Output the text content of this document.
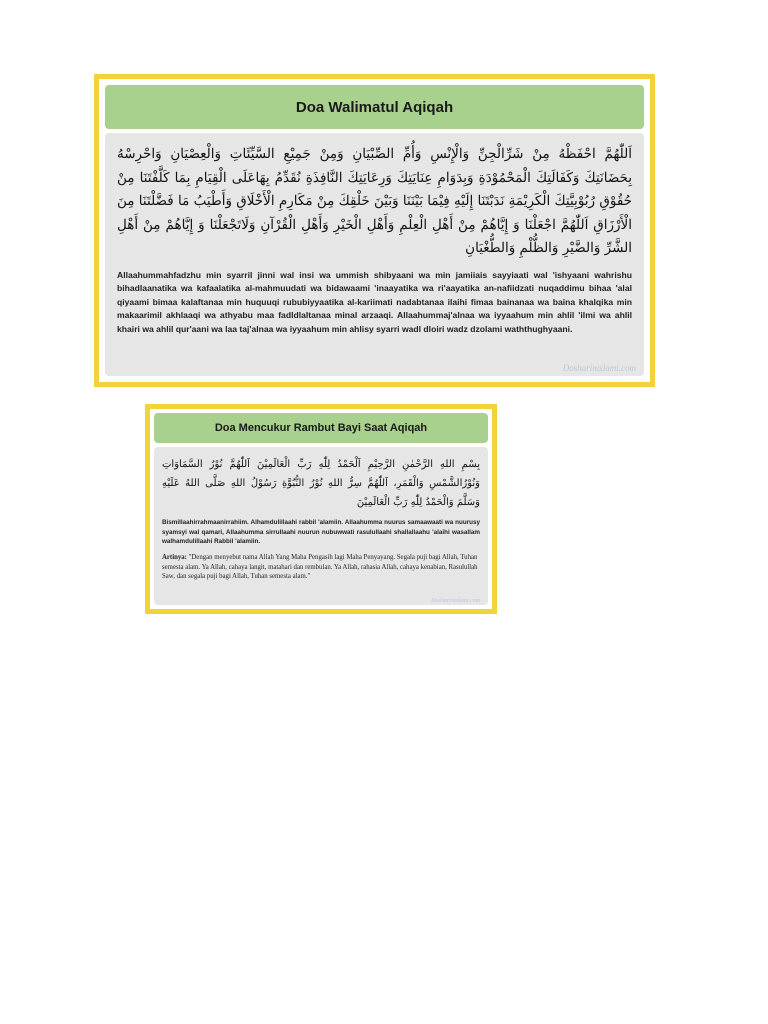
Doa Walimatul Aqiqah
اَللّٰهُمَّ احْفَظْهُ مِنْ شَرِّالْجِنِّ وَالْإِنْسِ وَأُمِّ الصِّبْيَانِ وَمِنْ جَمِيْعِ السَّيِّئَاتِ وَالْعِصْيَانِ وَاحْرِسْهُ بِحَضَانَتِكَ وَكَفَالَتِكَ الْمَحْمُوْدَةِ وَبِدَوَامِ عِنَايَتِكَ وَرِعَايَتِكَ النَّافِذَةِ نُقَدِّمُ بِهَاعَلَى الْقِيَامِ بِمَا كَلَّفْتَنَا مِنْ حُقُوْقِ رُبُوْبِيَّتِكَ الْكَرِيْمَةِ نَدَبْتَنَا إِلَيْهِ فِيْمَا بَيْنَنَا وَبَيْنَ خَلْقِكَ مِنْ مَكَارِمِ الْأَخْلَاقِ وَأَطْيَبُ مَا فَضَّلْتَنَا مِنَ الْأَرْزَاقِ اَللّٰهُمَّ اجْعَلْنَا وَ إِيَّاهُمْ مِنْ أَهْلِ الْعِلْمِ وَأَهْلِ الْخَيْرِ وَأَهْلِ الْقُرْآنِ وَلَاتَجْعَلْنَا وَ إِيَّاهُمْ مِنْ أَهْلِ الشَّرِّ وَالضَّيْرِ وَالظُّلْمِ وَالطُّغْيَانِ
Allaahummahfadzhu min syarril jinni wal insi wa ummish shibyaani wa min jamiiais sayyiaati wal 'ishyaani wahrishu bihadlaanatika wa kafaalatika al-mahmuudati wa bidawaami 'inaayatika wa ri'aayatika an-nafiidzati nuqaddimu bihaa 'alal qiyaami bimaa kalaftanaa min huquuqi rububiyyaatika al-kariimati nadabtanaa ilaihi fimaa bainanaa wa baina khalqika min makaarimil akhlaaqi wa athyabu maa fadldlaltanaa minal arzaaqi. Allaahummaj'alnaa wa iyyaahum min ahlil 'ilmi wa ahlil khairi wa ahlil qur'aani wa laa taj'alnaa wa iyyaahum min ahlisy syarri wadl dloiri wadz dzolami waththughyaani.
Dosharinislami.com
Doa Mencukur Rambut Bayi Saat Aqiqah
بِسْمِ اللهِ الرَّحْمٰنِ الرَّحِيْمِ اَلْحَمْدُ لِلّٰهِ رَبِّ الْعَالَمِيْنَ اَللّٰهُمَّ نُوْرُ السَّمَاوَاتِ وَنُوْرُالشَّمْسِ وَالْقَمَرِ، اَللّٰهُمَّ سِرُّ اللهِ نُوْرُ النُّبُوَّةِ رَسُوْلُ اللهِ صَلَّى اللهُ عَلَيْهِ وَسَلَّمَ وَالْحَمْدُ لِلّٰهِ رَبِّ الْعَالَمِيْنَ
Bismillaahirrahmaanirrahiim. Alhamdulillaahi rabbil 'alamiin. Allaahumma nuurus samaawaati wa nuurusy syamsyi wal qamari, Allaahumma sirrullaahi nuurun nubuwwati rasulullaahi shallallaahu 'alaihi wasallam walhamdulillaahi Rabbil 'alamiin.
Artinya: "Dengan menyebut nama Allah Yang Maha Pengasih lagi Maha Penyayang. Segala puji bagi Allah, Tuhan semesta alam. Ya Allah, cahaya langit, matahari dan rembulan. Ya Allah, rahasia Allah, cahaya kenabian, Rasulullah Saw, dan segala puji bagi Allah, Tuhan semesta alam."
Dosharinislami.com
